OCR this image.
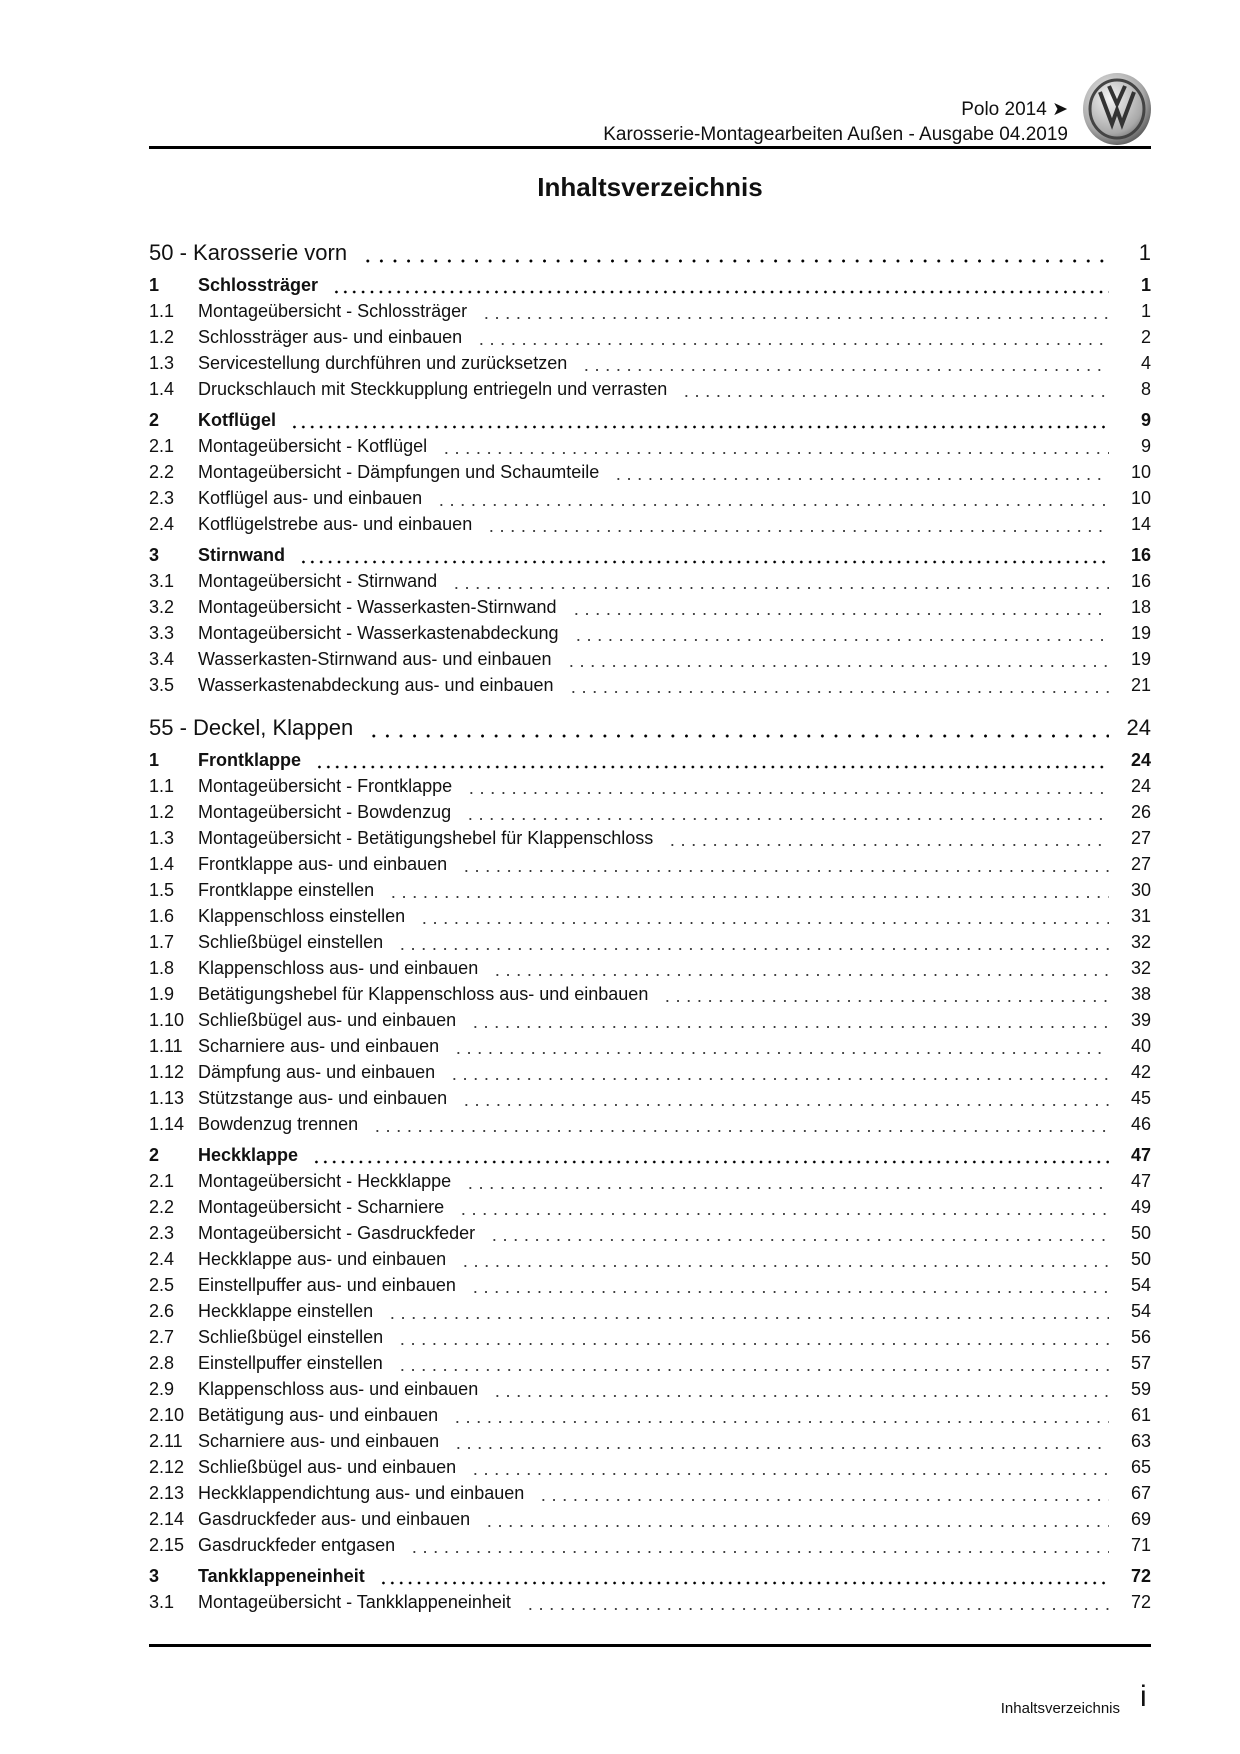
Polo 2014 ➤
Karosserie-Montagearbeiten Außen - Ausgabe 04.2019
Inhaltsverzeichnis
50 - Karosserie vorn	1
1	Schlossträger	1
1.1	Montageübersicht - Schlossträger	1
1.2	Schlossträger aus- und einbauen	2
1.3	Servicestellung durchführen und zurücksetzen	4
1.4	Druckschlauch mit Steckkupplung entriegeln und verrasten	8
2	Kotflügel	9
2.1	Montageübersicht - Kotflügel	9
2.2	Montageübersicht - Dämpfungen und Schaumteile	10
2.3	Kotflügel aus- und einbauen	10
2.4	Kotflügelstrebe aus- und einbauen	14
3	Stirnwand	16
3.1	Montageübersicht - Stirnwand	16
3.2	Montageübersicht - Wasserkasten-Stirnwand	18
3.3	Montageübersicht - Wasserkastenabdeckung	19
3.4	Wasserkasten-Stirnwand aus- und einbauen	19
3.5	Wasserkastenabdeckung aus- und einbauen	21
55 - Deckel, Klappen	24
1	Frontklappe	24
1.1	Montageübersicht - Frontklappe	24
1.2	Montageübersicht - Bowdenzug	26
1.3	Montageübersicht - Betätigungshebel für Klappenschloss	27
1.4	Frontklappe aus- und einbauen	27
1.5	Frontklappe einstellen	30
1.6	Klappenschloss einstellen	31
1.7	Schließbügel einstellen	32
1.8	Klappenschloss aus- und einbauen	32
1.9	Betätigungshebel für Klappenschloss aus- und einbauen	38
1.10 Schließbügel aus- und einbauen	39
1.11 Scharniere aus- und einbauen	40
1.12 Dämpfung aus- und einbauen	42
1.13 Stützstange aus- und einbauen	45
1.14 Bowdenzug trennen	46
2	Heckklappe	47
2.1	Montageübersicht - Heckklappe	47
2.2	Montageübersicht - Scharniere	49
2.3	Montageübersicht - Gasdruckfeder	50
2.4	Heckklappe aus- und einbauen	50
2.5	Einstellpuffer aus- und einbauen	54
2.6	Heckklappe einstellen	54
2.7	Schließbügel einstellen	56
2.8	Einstellpuffer einstellen	57
2.9	Klappenschloss aus- und einbauen	59
2.10 Betätigung aus- und einbauen	61
2.11 Scharniere aus- und einbauen	63
2.12 Schließbügel aus- und einbauen	65
2.13 Heckklappendichtung aus- und einbauen	67
2.14 Gasdruckfeder aus- und einbauen	69
2.15 Gasdruckfeder entgasen	71
3	Tankklappeneinheit	72
3.1	Montageübersicht - Tankklappeneinheit	72
Inhaltsverzeichnis i
